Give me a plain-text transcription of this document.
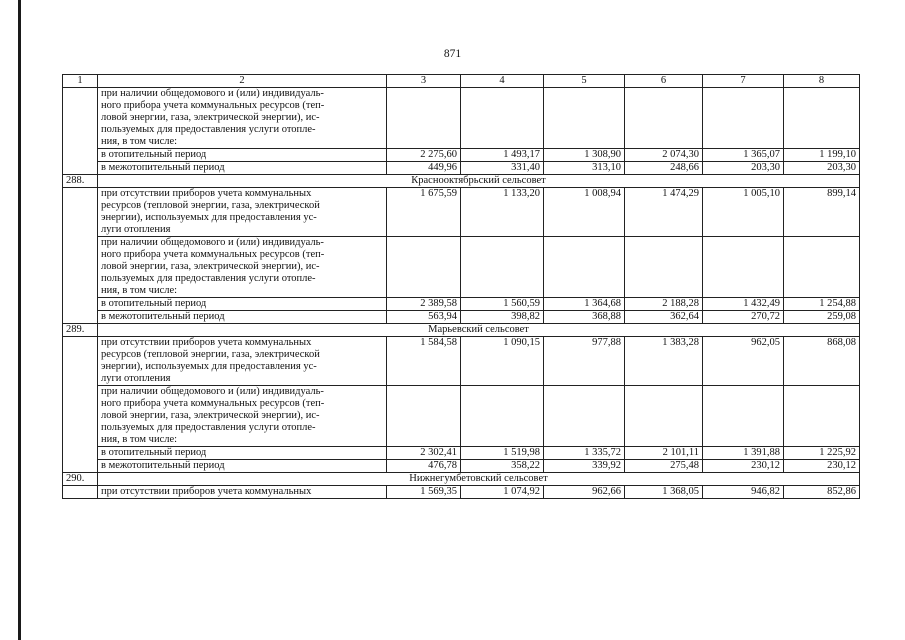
871
1	2	3	4	5	6	7	8

	при наличии общедомового и (или) индивидуаль-
ного прибора учета коммунальных ресурсов (теп-
ловой энергии, газа, электрической энергии), ис-
пользуемых для предоставления услуги отопле-
ния, в том числе:						

	в отопительный период	2 275,60	1 493,17	1 308,90	2 074,30	1 365,07	1 199,10
	в межотопительный период	449,96	331,40	313,10	248,66	203,30	203,30
288.	Краснооктябрьский сельсовет						

	при отсутствии приборов учета коммунальных
ресурсов (тепловой энергии, газа, электрической
энергии), используемых для предоставления ус-
луги отопления	1 675,59	1 133,20	1 008,94	1 474,29	1 005,10	899,14

	при наличии общедомового и (или) индивидуаль-
ного прибора учета коммунальных ресурсов (теп-
ловой энергии, газа, электрической энергии), ис-
пользуемых для предоставления услуги отопле-
ния, в том числе:						

	в отопительный период	2 389,58	1 560,59	1 364,68	2 188,28	1 432,49	1 254,88
	в межотопительный период	563,94	398,82	368,88	362,64	270,72	259,08
289.	Марьевский сельсовет						

	при отсутствии приборов учета коммунальных
ресурсов (тепловой энергии, газа, электрической
энергии), используемых для предоставления ус-
луги отопления	1 584,58	1 090,15	977,88	1 383,28	962,05	868,08

	при наличии общедомового и (или) индивидуаль-
ного прибора учета коммунальных ресурсов (теп-
ловой энергии, газа, электрической энергии), ис-
пользуемых для предоставления услуги отопле-
ния, в том числе:						

	в отопительный период	2 302,41	1 519,98	1 335,72	2 101,11	1 391,88	1 225,92
	в межотопительный период	476,78	358,22	339,92	275,48	230,12	230,12
290.	Нижнегумбетовский сельсовет						
	при отсутствии приборов учета коммунальных	1 569,35	1 074,92	962,66	1 368,05	946,82	852,86
